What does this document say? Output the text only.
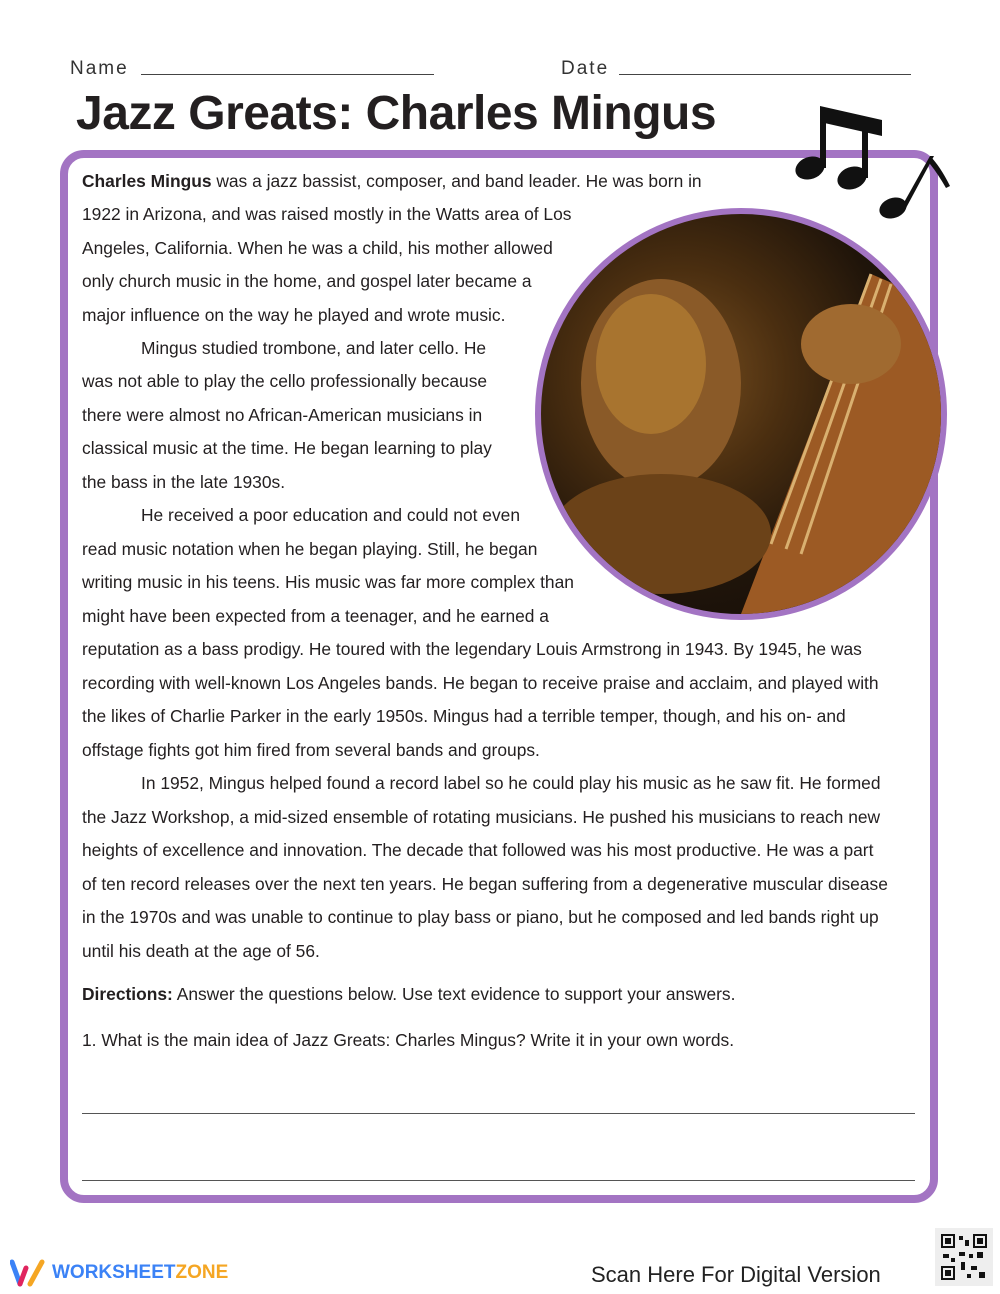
Name	Date
Jazz Greats: Charles Mingus
Charles Mingus was a jazz bassist, composer, and band leader. He was born in
1922 in Arizona, and was raised mostly in the Watts area of Los
Angeles, California. When he was a child, his mother allowed
only church music in the home, and gospel later became a
major influence on the way he played and wrote music.
Mingus studied trombone, and later cello. He
was not able to play the cello professionally because
there were almost no African-American musicians in
classical music at the time. He began learning to play
the bass in the late 1930s.
He received a poor education and could not even
read music notation when he began playing. Still, he began
writing music in his teens. His music was far more complex than
might have been expected from a teenager, and he earned a
reputation as a bass prodigy. He toured with the legendary Louis Armstrong in 1943. By 1945, he was
recording with well-known Los Angeles bands. He began to receive praise and acclaim, and played with
the likes of Charlie Parker in the early 1950s. Mingus had a terrible temper, though, and his on- and
offstage fights got him fired from several bands and groups.
In 1952, Mingus helped found a record label so he could play his music as he saw fit. He formed
the Jazz Workshop, a mid-sized ensemble of rotating musicians. He pushed his musicians to reach new
heights of excellence and innovation. The decade that followed was his most productive. He was a part
of ten record releases over the next ten years. He began suffering from a degenerative muscular disease
in the 1970s and was unable to continue to play bass or piano, but he composed and led bands right up
until his death at the age of 56.
Directions: Answer the questions below. Use text evidence to support your answers.
1. What is the main idea of Jazz Greats: Charles Mingus? Write it in your own words.
WORKSHEETZONE	Scan Here For Digital Version
